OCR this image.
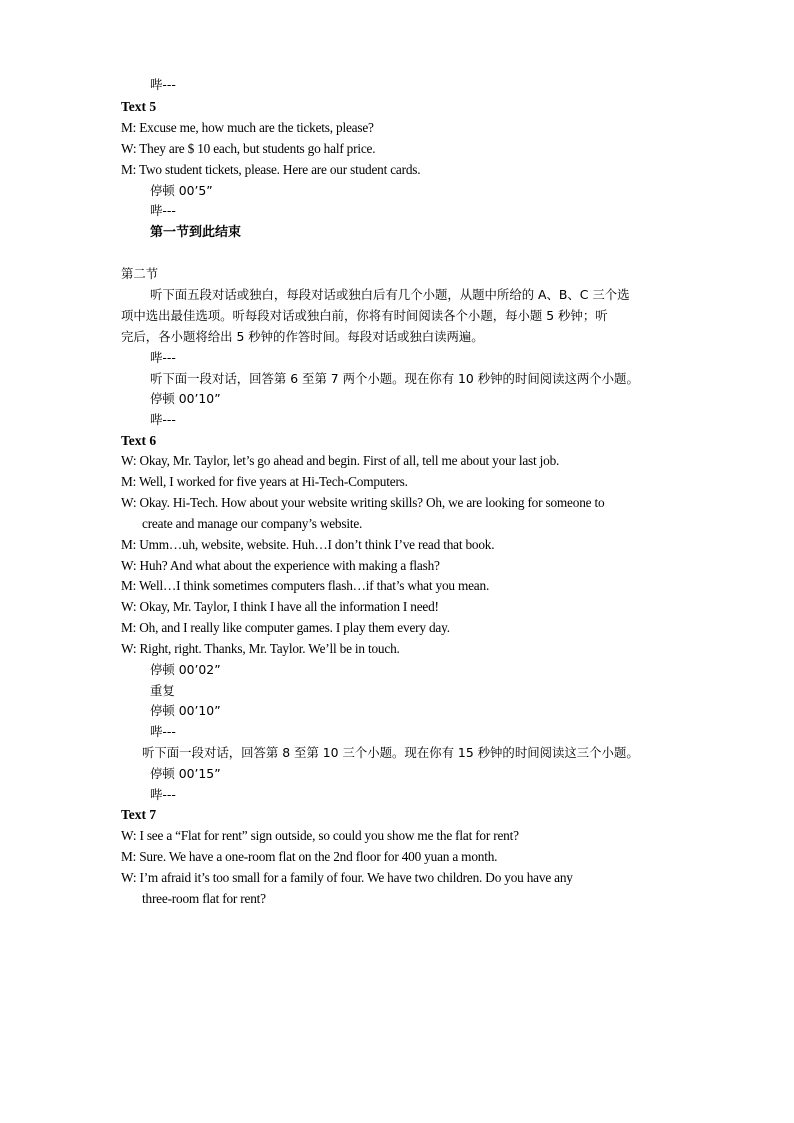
哔---
Text 5
M: Excuse me, how much are the tickets, please?
W: They are $ 10 each, but students go half price.
M: Two student tickets, please. Here are our student cards.
停顿 00’5”
哔---
第一节到此结束
第二节
听下面五段对话或独白，每段对话或独白后有几个小题，从题中所给的 A、B、C 三个选
项中选出最佳选项。听每段对话或独白前，你将有时间阅读各个小题，每小题 5 秒钟；听
完后，各小题将给出 5 秒钟的作答时间。每段对话或独白读两遍。
哔---
听下面一段对话，回答第 6 至第 7 两个小题。现在你有 10 秒钟的时间阅读这两个小题。
停顿 00’10”
哔---
Text 6
W: Okay, Mr. Taylor, let’s go ahead and begin. First of all, tell me about your last job.
M: Well, I worked for five years at Hi-Tech-Computers.
W: Okay. Hi-Tech. How about your website writing skills? Oh, we are looking for someone to
create and manage our company’s website.
M: Umm…uh, website, website. Huh…I don’t think I’ve read that book.
W: Huh? And what about the experience with making a flash?
M: Well…I think sometimes computers flash…if that’s what you mean.
W: Okay, Mr. Taylor, I think I have all the information I need!
M: Oh, and I really like computer games. I play them every day.
W: Right, right. Thanks, Mr. Taylor. We’ll be in touch.
停顿 00’02”
重复
停顿 00’10”
哔---
听下面一段对话，回答第 8 至第 10 三个小题。现在你有 15 秒钟的时间阅读这三个小题。
停顿 00’15”
哔---
Text 7
W: I see a “Flat for rent” sign outside, so could you show me the flat for rent?
M: Sure. We have a one-room flat on the 2nd floor for 400 yuan a month.
W: I’m afraid it’s too small for a family of four. We have two children. Do you have any
three-room flat for rent?
